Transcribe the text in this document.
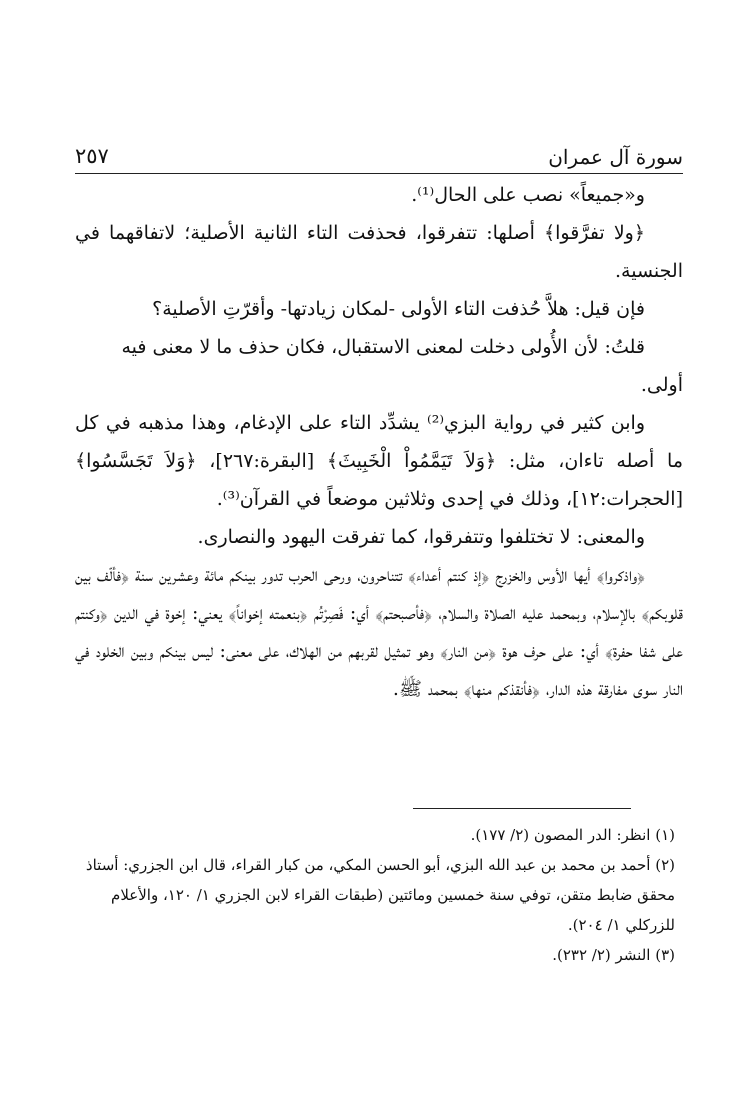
سورة آل عمران
٢٥٧

و«جميعاً» نصب على الحال⁽¹⁾.

﴿ولا تفرَّقوا﴾ أصلها: تتفرقوا، فحذفت التاء الثانية الأصلية؛ لاتفاقهما في الجنسية.

فإن قيل: هلاَّ حُذفت التاء الأولى -لمكان زيادتها- وأقرّتِ الأصلية؟

قلتُ: لأن الأُولى دخلت لمعنى الاستقبال، فكان حذف ما لا معنى فيه أولى.

وابن كثير في رواية البزي⁽²⁾ يشدِّد التاء على الإدغام، وهذا مذهبه في كل ما أصله تاءان، مثل: ﴿وَلاَ تَيَمَّمُواْ الْخَبِيثَ﴾ [البقرة:٢٦٧]، ﴿وَلاَ تَجَسَّسُوا﴾ [الحجرات:١٢]، وذلك في إحدى وثلاثين موضعاً في القرآن⁽³⁾.

والمعنى: لا تختلفوا وتتفرقوا، كما تفرقت اليهود والنصارى.

﴿واذكروا﴾ أيها الأوس والخزرج ﴿إذ كنتم أعداء﴾ تتناحرون، ورحى الحرب تدور بينكم مائة وعشرين سنة ﴿فألّف بين قلوبكم﴾ بالإسلام، وبمحمد عليه الصلاة والسلام، ﴿فأصبحتم﴾ أي: فَصِرْتُم ﴿بنعمته إخواناً﴾ يعني: إخوة في الدين ﴿وكنتم على شفا حفرة﴾ أي: على حرف هوة ﴿من النار﴾ وهو تمثيل لقربهم من الهلاك، على معنى: ليس بينكم وبين الخلود في النار سوى مفارقة هذه الدار، ﴿فأنقذكم منها﴾ بمحمد ﷺ.

(١) انظر: الدر المصون (٢/ ١٧٧).

(٢) أحمد بن محمد بن عبد الله البزي، أبو الحسن المكي، من كبار القراء، قال ابن الجزري: أستاذ محقق ضابط متقن، توفي سنة خمسين ومائتين (طبقات القراء لابن الجزري ١/ ١٢٠، والأعلام للزركلي ١/ ٢٠٤).

(٣) النشر (٢/ ٢٣٢).
